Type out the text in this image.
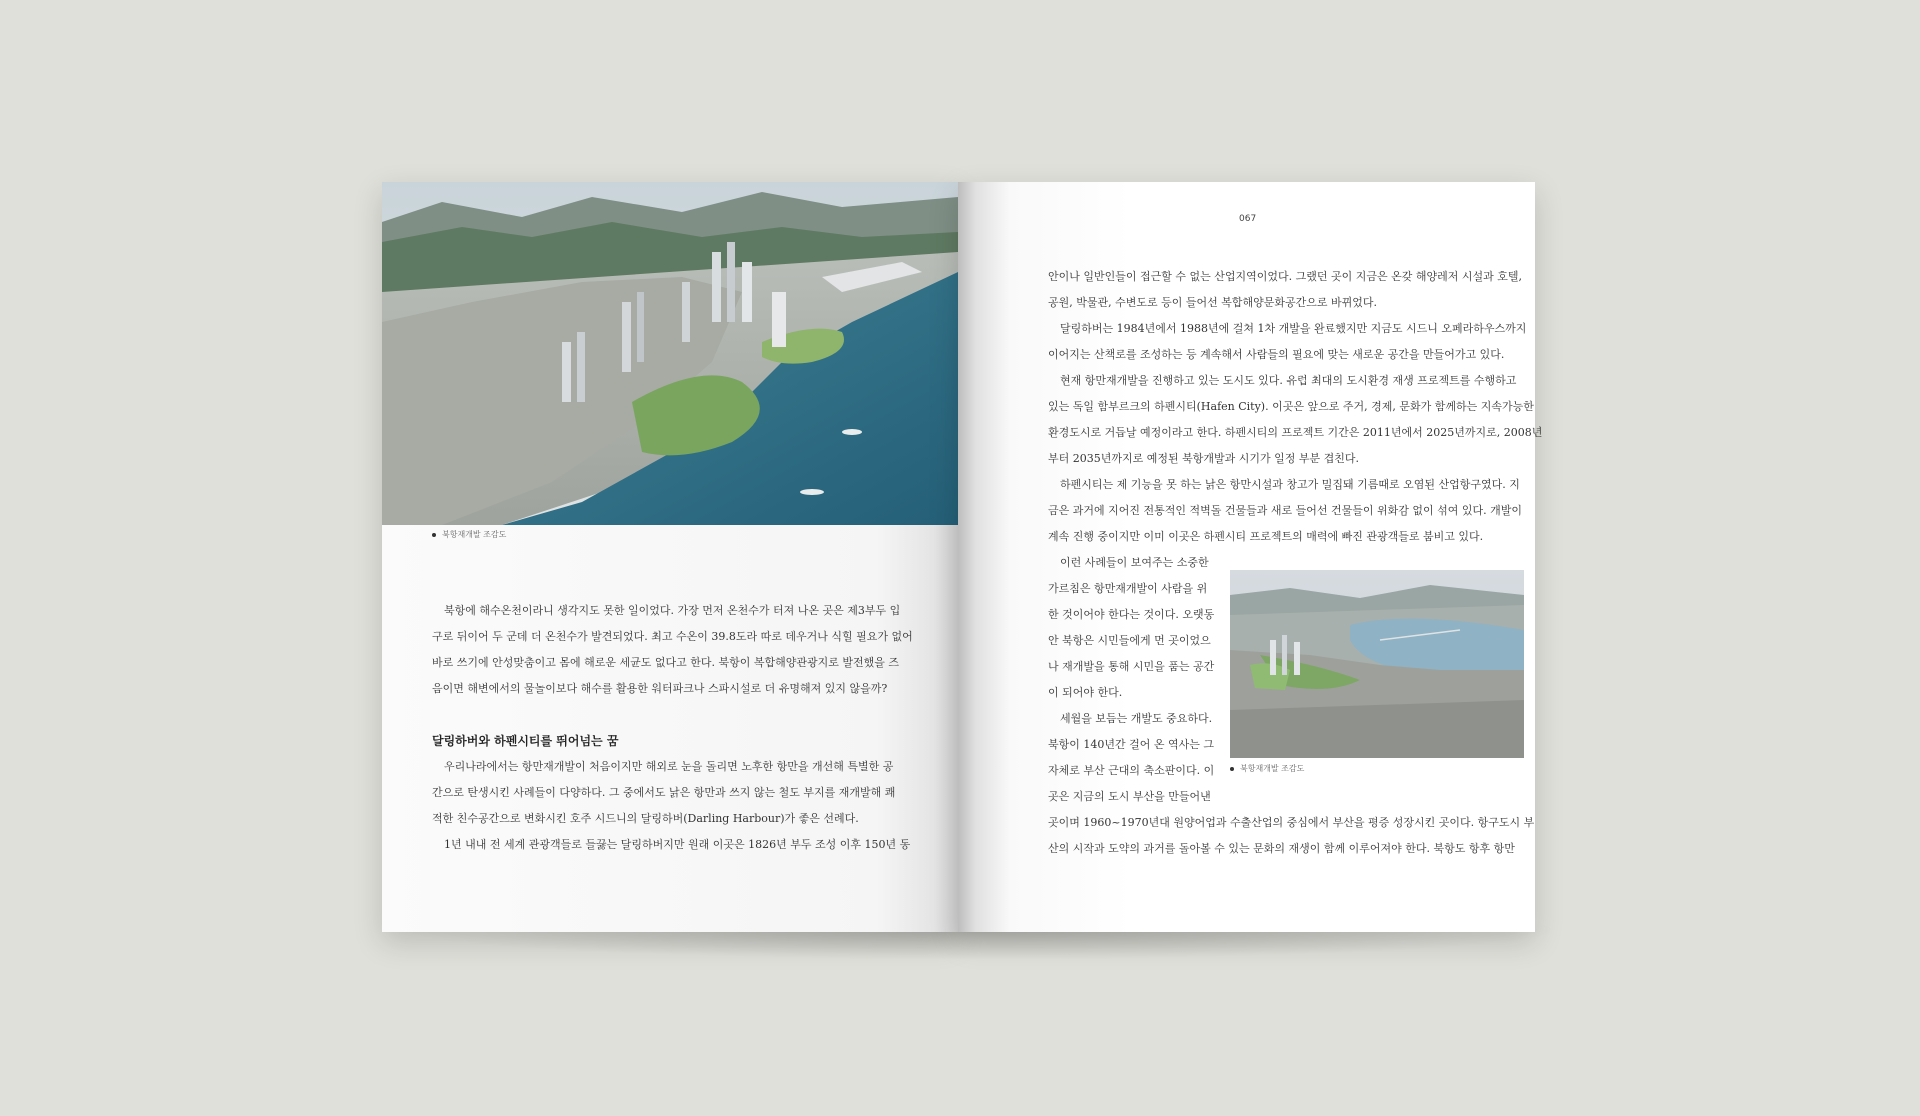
북항재개발 조감도
북항에 해수온천이라니 생각지도 못한 일이었다. 가장 먼저 온천수가 터져 나온 곳은 제3부두 입
구로 뒤이어 두 군데 더 온천수가 발견되었다. 최고 수온이 39.8도라 따로 데우거나 식힐 필요가 없어
바로 쓰기에 안성맞춤이고 몸에 해로운 세균도 없다고 한다. 북항이 복합해양관광지로 발전했을 즈
음이면 해변에서의 물놀이보다 해수를 활용한 워터파크나 스파시설로 더 유명해져 있지 않을까?
달링하버와 하펜시티를 뛰어넘는 꿈
우리나라에서는 항만재개발이 처음이지만 해외로 눈을 돌리면 노후한 항만을 개선해 특별한 공
간으로 탄생시킨 사례들이 다양하다. 그 중에서도 낡은 항만과 쓰지 않는 철도 부지를 재개발해 쾌
적한 친수공간으로 변화시킨 호주 시드니의 달링하버(Darling Harbour)가 좋은 선례다.
1년 내내 전 세계 관광객들로 들끓는 달링하버지만 원래 이곳은 1826년 부두 조성 이후 150년 동
067
안이나 일반인들이 접근할 수 없는 산업지역이었다. 그랬던 곳이 지금은 온갖 해양레저 시설과 호텔,
공원, 박물관, 수변도로 등이 들어선 복합해양문화공간으로 바뀌었다.
달링하버는 1984년에서 1988년에 걸쳐 1차 개발을 완료했지만 지금도 시드니 오페라하우스까지
이어지는 산책로를 조성하는 등 계속해서 사람들의 필요에 맞는 새로운 공간을 만들어가고 있다.
현재 항만재개발을 진행하고 있는 도시도 있다. 유럽 최대의 도시환경 재생 프로젝트를 수행하고
있는 독일 함부르크의 하펜시티(Hafen City). 이곳은 앞으로 주거, 경제, 문화가 함께하는 지속가능한
환경도시로 거듭날 예정이라고 한다. 하펜시티의 프로젝트 기간은 2011년에서 2025년까지로, 2008년
부터 2035년까지로 예정된 북항개발과 시기가 일정 부분 겹친다.
하펜시티는 제 기능을 못 하는 낡은 항만시설과 창고가 밀집돼 기름때로 오염된 산업항구였다. 지
금은 과거에 지어진 전통적인 적벽돌 건물들과 새로 들어선 건물들이 위화감 없이 섞여 있다. 개발이
계속 진행 중이지만 이미 이곳은 하펜시티 프로젝트의 매력에 빠진 관광객들로 붐비고 있다.
이런 사례들이 보여주는 소중한
가르침은 항만재개발이 사람을 위
한 것이어야 한다는 것이다. 오랫동
안 북항은 시민들에게 먼 곳이었으
나 재개발을 통해 시민을 품는 공간
이 되어야 한다.
세월을 보듬는 개발도 중요하다.
북항이 140년간 걸어 온 역사는 그
자체로 부산 근대의 축소판이다. 이
곳은 지금의 도시 부산을 만들어낸
북항재개발 조감도
곳이며 1960~1970년대 원양어업과 수출산업의 중심에서 부산을 평증 성장시킨 곳이다. 항구도시 부
산의 시작과 도약의 과거를 돌아볼 수 있는 문화의 재생이 함께 이루어져야 한다. 북항도 항후 항만
